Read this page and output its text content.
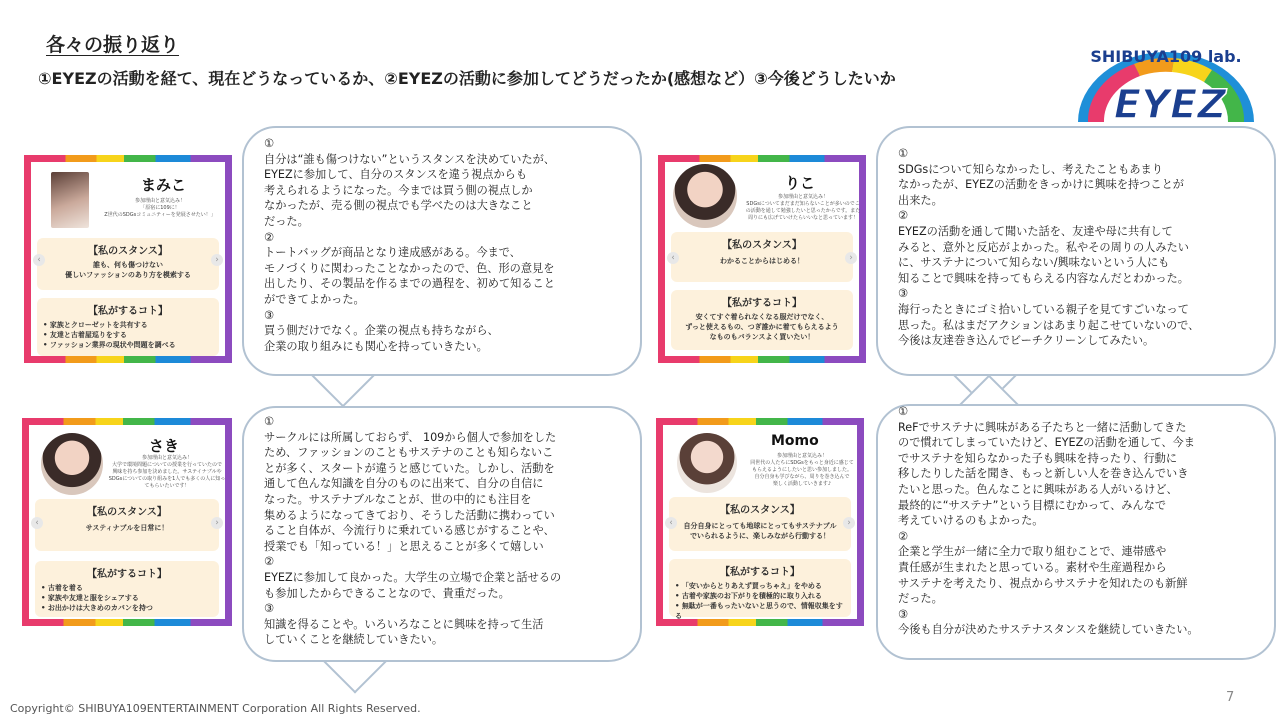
各々の振り返り
①EYEZの活動を経て、現在どうなっているか、②EYEZの活動に参加してどうだったか(感想など）③今後どうしたいか
SHIBUYA109 lab.
EYEZ
まみこ
参加理由と意気込み！
「原宿に109に！
Z世代のSDGsコミュニティーを発展させたい！」
【私のスタンス】
誰も、何も傷つけない
優しいファッションのあり方を模索する
【私がするコト】
• 家族とクローゼットを共有する
• 友達と古着屋巡りをする
• ファッション業界の現状や問題を調べる
‹	›
りこ
参加理由と意気込み！
SDGsについてまだまだ知らないことが多いのでこの活動を通して勉強したいと思ったからです。また
周りにも広げていけたらいいなと思っています！
【私のスタンス】
わかることからはじめる！
【私がするコト】
安くてすぐ着られなくなる服だけでなく、
ずっと使えるもの、つぎ誰かに着てもらえるよう
なものもバランスよく買いたい！
‹	›
さき
参加理由と意気込み！
大学で環境問題についての授業を行っていたので
興味を持ち参加を決めました。サステイナブルやSDGsについての取り組みを1人でも多くの人に知ってもらいたいです！
【私のスタンス】
サスティナブルを日常に！
【私がするコト】
• 古着を着る
• 家族や友達と服をシェアする
• お出かけは大きめのカバンを持つ
‹	›
Momo
参加理由と意気込み！
同世代の人たちにSDGsをもっと身近に感じて
もらえるようにしたいと思い参加しました。
自分自身も学びながら、周りを巻き込んで
楽しく活動していきます♪
【私のスタンス】
自分自身にとっても地球にとってもサステナブル
でいられるように、楽しみながら行動する！
【私がするコト】
• 「安いからとりあえず買っちゃえ」をやめる
• 古着や家族のお下がりを積極的に取り入れる
• 無駄が一番もったいないと思うので、情報収集をする
‹	›
①
自分は“誰も傷つけない”というスタンスを決めていたが、
EYEZに参加して、自分のスタンスを違う視点からも
考えられるようになった。今までは買う側の視点しか
なかったが、売る側の視点でも学べたのは大きなこと
だった。
②
トートバッグが商品となり達成感がある。今まで、
モノづくりに関わったことなかったので、色、形の意見を
出したり、その製品を作るまでの過程を、初めて知ること
ができてよかった。
③
買う側だけでなく。企業の視点も持ちながら、
企業の取り組みにも関心を持っていきたい。
①
SDGsについて知らなかったし、考えたこともあまり
なかったが、EYEZの活動をきっかけに興味を持つことが
出来た。
②
EYEZの活動を通して聞いた話を、友達や母に共有して
みると、意外と反応がよかった。私やその周りの人みたい
に、サステナについて知らない/興味ないという人にも
知ることで興味を持ってもらえる内容なんだとわかった。
③
海行ったときにゴミ拾いしている親子を見てすごいなって
思った。私はまだアクションはあまり起こせていないので、
今後は友達巻き込んでビーチクリーンしてみたい。
①
サークルには所属しておらず、 109から個人で参加をした
ため、ファッションのこともサステナのことも知らないこ
とが多く、スタートが違うと感じていた。しかし、活動を
通して色んな知識を自分のものに出来て、自分の自信に
なった。サステナブルなことが、世の中的にも注目を
集めるようになってきており、そうした活動に携わってい
ること自体が、今流行りに乗れている感じがすることや、
授業でも「知っている！」と思えることが多くて嬉しい
②
EYEZに参加して良かった。大学生の立場で企業と話せるの
も参加したからできることなので、貴重だった。
③
知識を得ることや。いろいろなことに興味を持って生活
していくことを継続していきたい。
①
ReFでサステナに興味がある子たちと一緒に活動してきた
ので慣れてしまっていたけど、EYEZの活動を通して、今ま
でサステナを知らなかった子も興味を持ったり、行動に
移したりした話を聞き、もっと新しい人を巻き込んでいき
たいと思った。色んなことに興味がある人がいるけど、
最終的に“サステナ”という目標にむかって、みんなで
考えていけるのもよかった。
②
企業と学生が一緒に全力で取り組むことで、連帯感や
責任感が生まれたと思っている。素材や生産過程から
サステナを考えたり、視点からサステナを知れたのも新鮮
だった。
③
今後も自分が決めたサステナスタンスを継続していきたい。
Copyright© SHIBUYA109ENTERTAINMENT Corporation All Rights Reserved.
7
